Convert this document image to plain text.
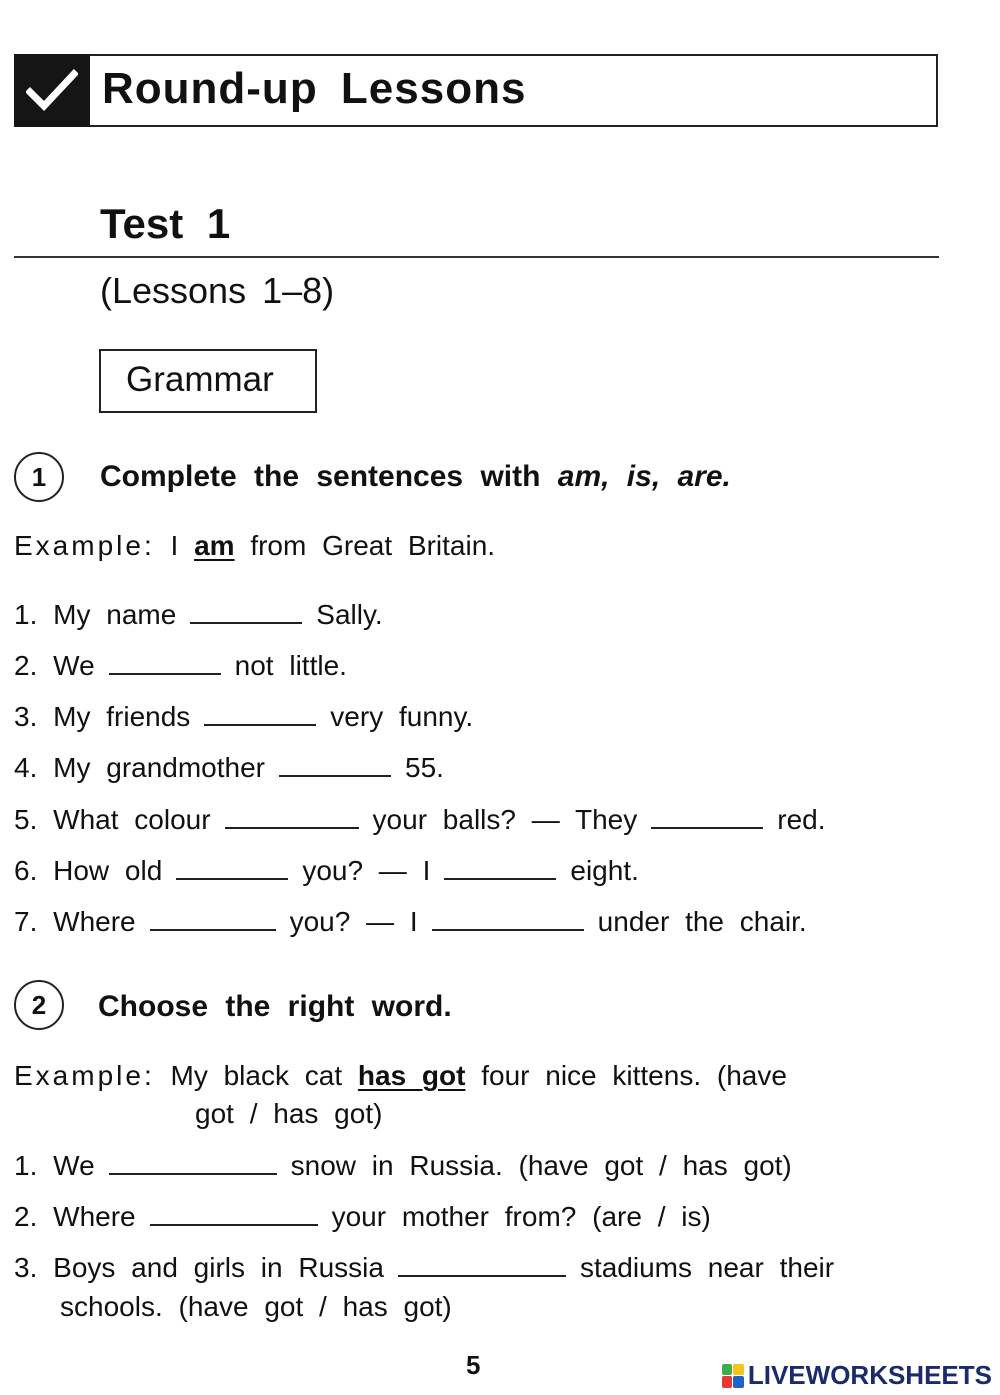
Round-up Lessons
Test 1
(Lessons 1–8)
Grammar
1	Complete the sentences with am, is, are.
Example: I am from Great Britain.
1. My name	Sally.
2. We	not little.
3. My friends	very funny.
4. My grandmother	55.
5. What colour	your balls? — They	red.
6. How old	you? — I	eight.
7. Where	you? — I	under the chair.
2	Choose the right word.
Example: My black cat has got four nice kittens. (have
got / has got)
1. We	snow in Russia. (have got / has got)
2. Where	your mother from? (are / is)
3. Boys and girls in Russia	stadiums near their
schools. (have got / has got)
5	LIVEWORKSHEETS
